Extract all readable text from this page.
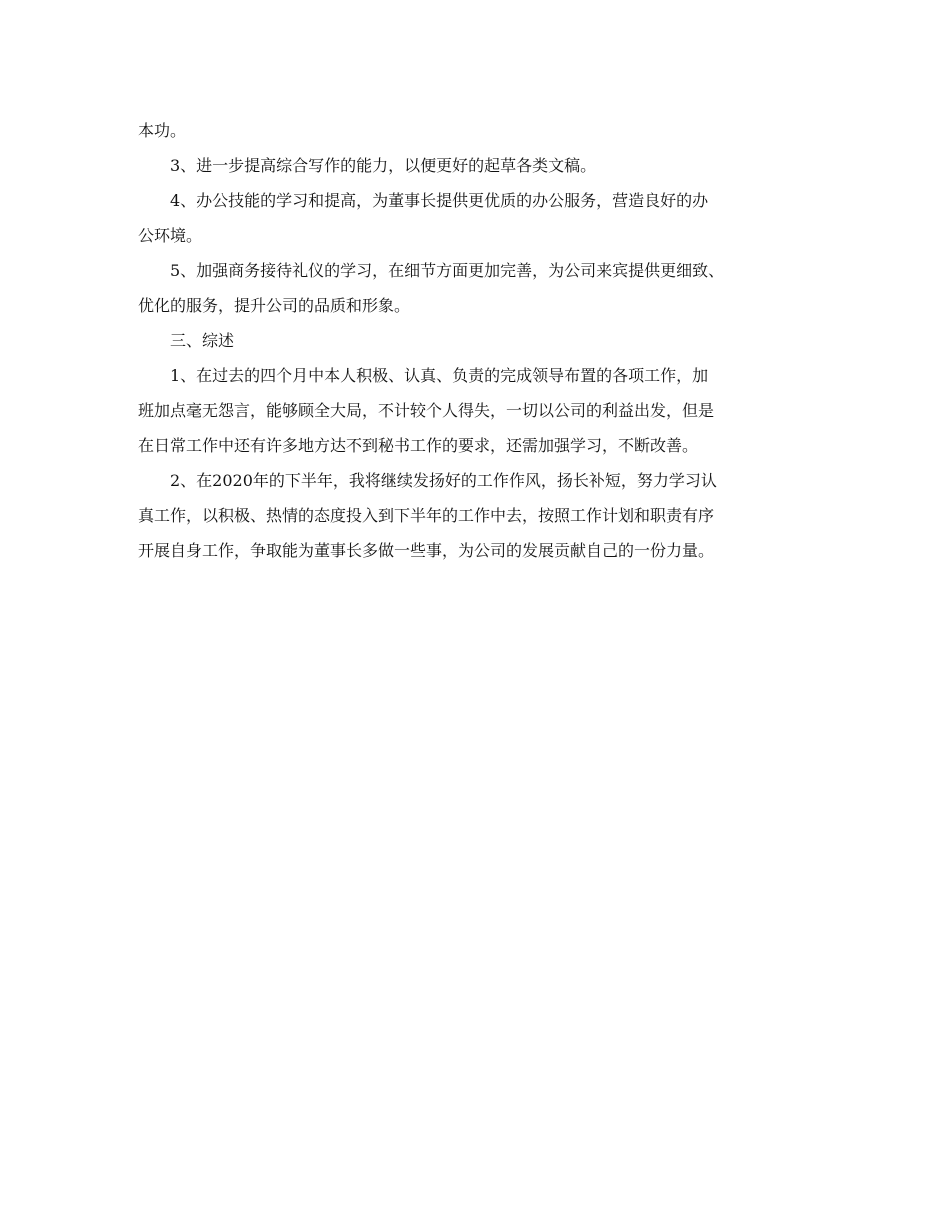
本功。
3、进一步提高综合写作的能力，以便更好的起草各类文稿。
4、办公技能的学习和提高，为董事长提供更优质的办公服务，营造良好的办
公环境。
5、加强商务接待礼仪的学习，在细节方面更加完善，为公司来宾提供更细致、
优化的服务，提升公司的品质和形象。
三、综述
1、在过去的四个月中本人积极、认真、负责的完成领导布置的各项工作，加
班加点毫无怨言，能够顾全大局，不计较个人得失，一切以公司的利益出发，但是
在日常工作中还有许多地方达不到秘书工作的要求，还需加强学习，不断改善。
2、在2020年的下半年，我将继续发扬好的工作作风，扬长补短，努力学习认
真工作，以积极、热情的态度投入到下半年的工作中去，按照工作计划和职责有序
开展自身工作，争取能为董事长多做一些事，为公司的发展贡献自己的一份力量。
